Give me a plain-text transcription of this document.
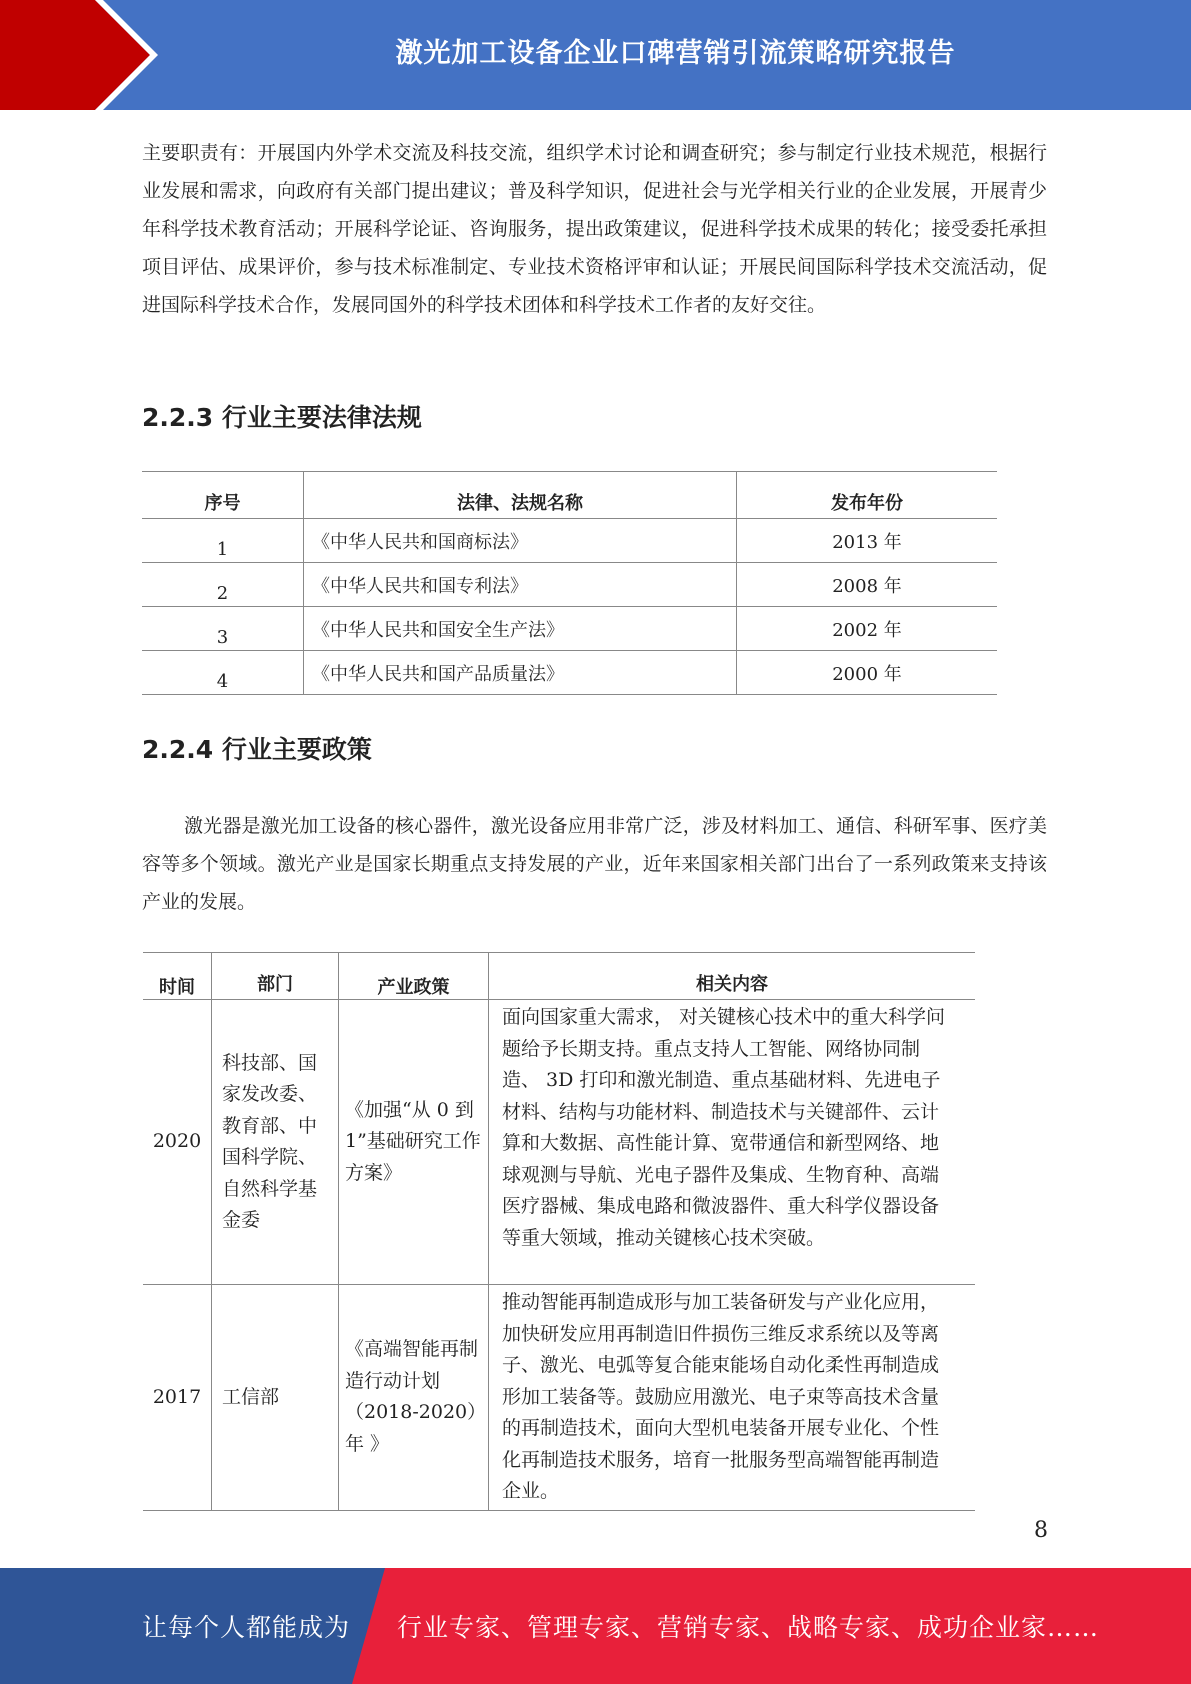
激光加工设备企业口碑营销引流策略研究报告

主要职责有：开展国内外学术交流及科技交流，组织学术讨论和调查研究；参与制定行业技术规范，根据行业发展和需求，向政府有关部门提出建议；普及科学知识，促进社会与光学相关行业的企业发展，开展青少年科学技术教育活动；开展科学论证、咨询服务，提出政策建议，促进科学技术成果的转化；接受委托承担项目评估、成果评价，参与技术标准制定、专业技术资格评审和认证；开展民间国际科学技术交流活动，促进国际科学技术合作，发展同国外的科学技术团体和科学技术工作者的友好交往。

2.2.3 行业主要法律法规
序号	法律、法规名称	发布年份
1	《中华人民共和国商标法》	2013 年
2	《中华人民共和国专利法》	2008 年
3	《中华人民共和国安全生产法》	2002 年
4	《中华人民共和国产品质量法》	2000 年
2.2.4 行业主要政策

激光器是激光加工设备的核心器件，激光设备应用非常广泛，涉及材料加工、通信、科研军事、医疗美容等多个领域。激光产业是国家长期重点支持发展的产业，近年来国家相关部门出台了一系列政策来支持该产业的发展。

时间	部门	产业政策	相关内容
2020	科技部、国家发改委、教育部、中国科学院、自然科学基金委	《加强“从 0 到 1”基础研究工作方案》	面向国家重大需求， 对关键核心技术中的重大科学问题给予长期支持。重点支持人工智能、网络协同制造、 3D 打印和激光制造、重点基础材料、先进电子材料、结构与功能材料、制造技术与关键部件、云计算和大数据、高性能计算、宽带通信和新型网络、地球观测与导航、光电子器件及集成、生物育种、高端医疗器械、集成电路和微波器件、重大科学仪器设备等重大领域，推动关键核心技术突破。
2017	工信部	《高端智能再制造行动计划（2018-2020）年 》	推动智能再制造成形与加工装备研发与产业化应用，加快研发应用再制造旧件损伤三维反求系统以及等离子、激光、电弧等复合能束能场自动化柔性再制造成形加工装备等。鼓励应用激光、电子束等高技术含量的再制造技术，面向大型机电装备开展专业化、个性化再制造技术服务，培育一批服务型高端智能再制造企业。
8
让每个人都能成为 行业专家、管理专家、营销专家、战略专家、成功企业家……
